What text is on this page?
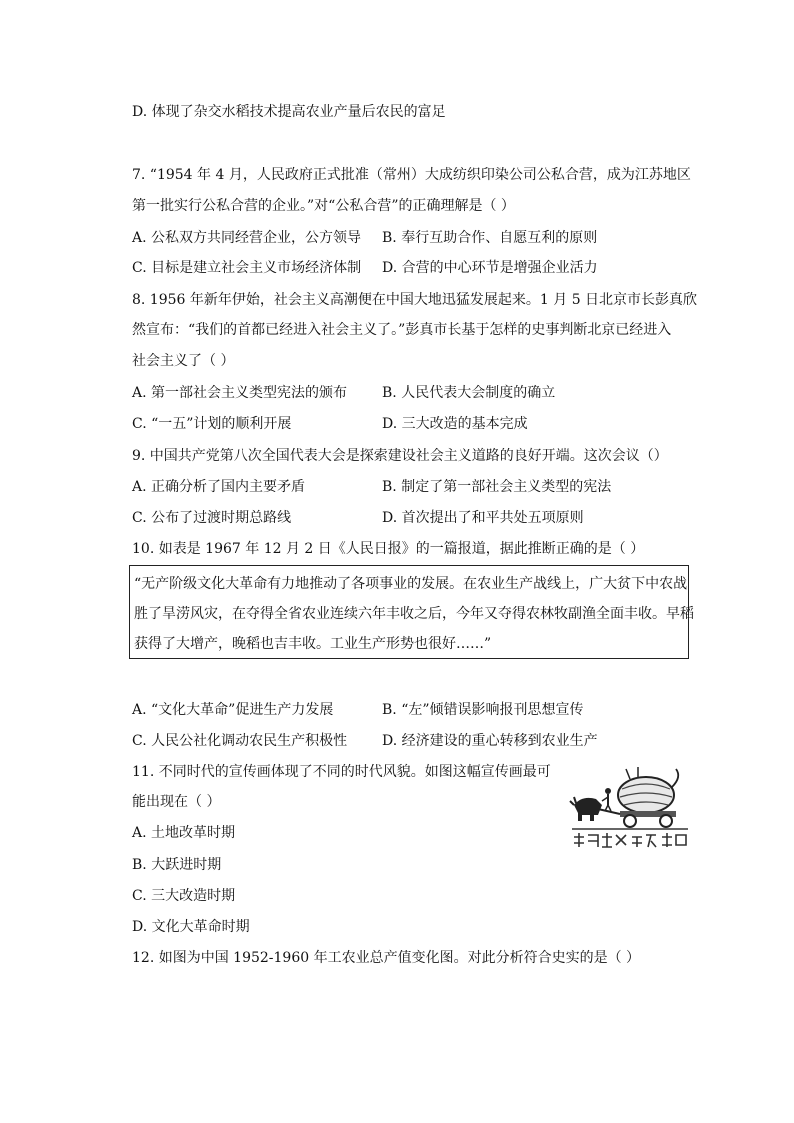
D. 体现了杂交水稻技术提高农业产量后农民的富足
7. “1954 年 4 月，人民政府正式批准（常州）大成纺织印染公司公私合营，成为江苏地区
第一批实行公私合营的企业。”对“公私合营”的正确理解是（ ）
A. 公私双方共同经营企业，公方领导 B. 奉行互助合作、自愿互利的原则
C. 目标是建立社会主义市场经济体制 D. 合营的中心环节是增强企业活力
8. 1956 年新年伊始，社会主义高潮便在中国大地迅猛发展起来。1 月 5 日北京市长彭真欣
然宣布：“我们的首都已经进入社会主义了。”彭真市长基于怎样的史事判断北京已经进入
社会主义了（ ）
A. 第一部社会主义类型宪法的颁布 B. 人民代表大会制度的确立
C. “一五”计划的顺利开展	D. 三大改造的基本完成
9. 中国共产党第八次全国代表大会是探索建设社会主义道路的良好开端。这次会议（）
A. 正确分析了国内主要矛盾	B. 制定了第一部社会主义类型的宪法
C. 公布了过渡时期总路线	D. 首次提出了和平共处五项原则
10. 如表是 1967 年 12 月 2 日《人民日报》的一篇报道，据此推断正确的是（ ）
“无产阶级文化大革命有力地推动了各项事业的发展。在农业生产战线上，广大贫下中农战
胜了旱涝风灾，在夺得全省农业连续六年丰收之后，今年又夺得农林牧副渔全面丰收。早稻
获得了大增产，晚稻也吉丰收。工业生产形势也很好……”
A. “文化大革命”促进生产力发展	B. “左”倾错误影响报刊思想宣传
C. 人民公社化调动农民生产积极性 D. 经济建设的重心转移到农业生产
11. 不同时代的宣传画体现了不同的时代风貌。如图这幅宣传画最可
能出现在（ ）
A. 土地改革时期
B. 大跃进时期
C. 三大改造时期
D. 文化大革命时期
12. 如图为中国 1952-1960 年工农业总产值变化图。对此分析符合史实的是（ ）
